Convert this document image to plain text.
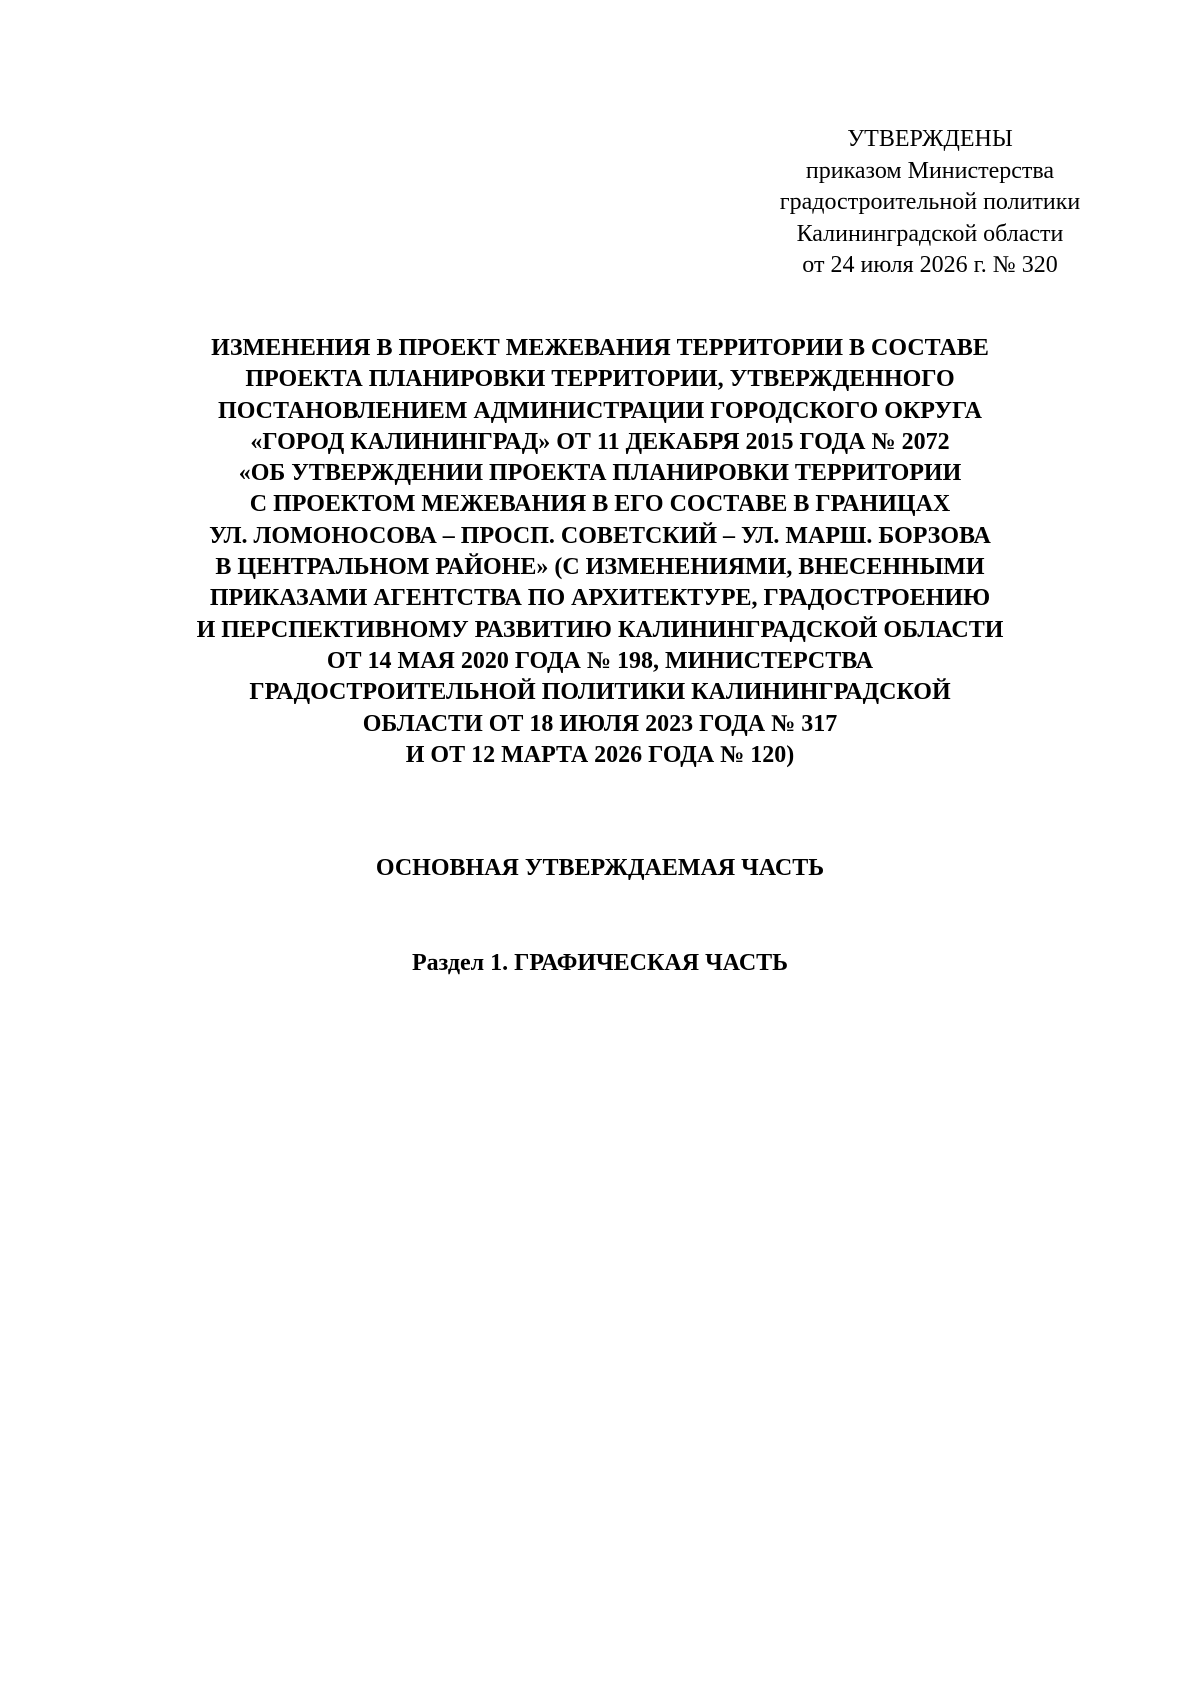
УТВЕРЖДЕНЫ
приказом Министерства
градостроительной политики
Калининградской области
от 24 июля 2026 г. № 320
ИЗМЕНЕНИЯ В ПРОЕКТ МЕЖЕВАНИЯ ТЕРРИТОРИИ В СОСТАВЕ
ПРОЕКТА ПЛАНИРОВКИ ТЕРРИТОРИИ, УТВЕРЖДЕННОГО
ПОСТАНОВЛЕНИЕМ АДМИНИСТРАЦИИ ГОРОДСКОГО ОКРУГА
«ГОРОД КАЛИНИНГРАД» ОТ 11 ДЕКАБРЯ 2015 ГОДА № 2072
«ОБ УТВЕРЖДЕНИИ ПРОЕКТА ПЛАНИРОВКИ ТЕРРИТОРИИ
С ПРОЕКТОМ МЕЖЕВАНИЯ В ЕГО СОСТАВЕ В ГРАНИЦАХ
УЛ. ЛОМОНОСОВА – ПРОСП. СОВЕТСКИЙ – УЛ. МАРШ. БОРЗОВА
В ЦЕНТРАЛЬНОМ РАЙОНЕ» (С ИЗМЕНЕНИЯМИ, ВНЕСЕННЫМИ
ПРИКАЗАМИ АГЕНТСТВА ПО АРХИТЕКТУРЕ, ГРАДОСТРОЕНИЮ
И ПЕРСПЕКТИВНОМУ РАЗВИТИЮ КАЛИНИНГРАДСКОЙ ОБЛАСТИ
ОТ 14 МАЯ 2020 ГОДА № 198, МИНИСТЕРСТВА
ГРАДОСТРОИТЕЛЬНОЙ ПОЛИТИКИ КАЛИНИНГРАДСКОЙ
ОБЛАСТИ ОТ 18 ИЮЛЯ 2023 ГОДА № 317
И ОТ 12 МАРТА 2026 ГОДА № 120)
ОСНОВНАЯ УТВЕРЖДАЕМАЯ ЧАСТЬ
Раздел 1. ГРАФИЧЕСКАЯ ЧАСТЬ
